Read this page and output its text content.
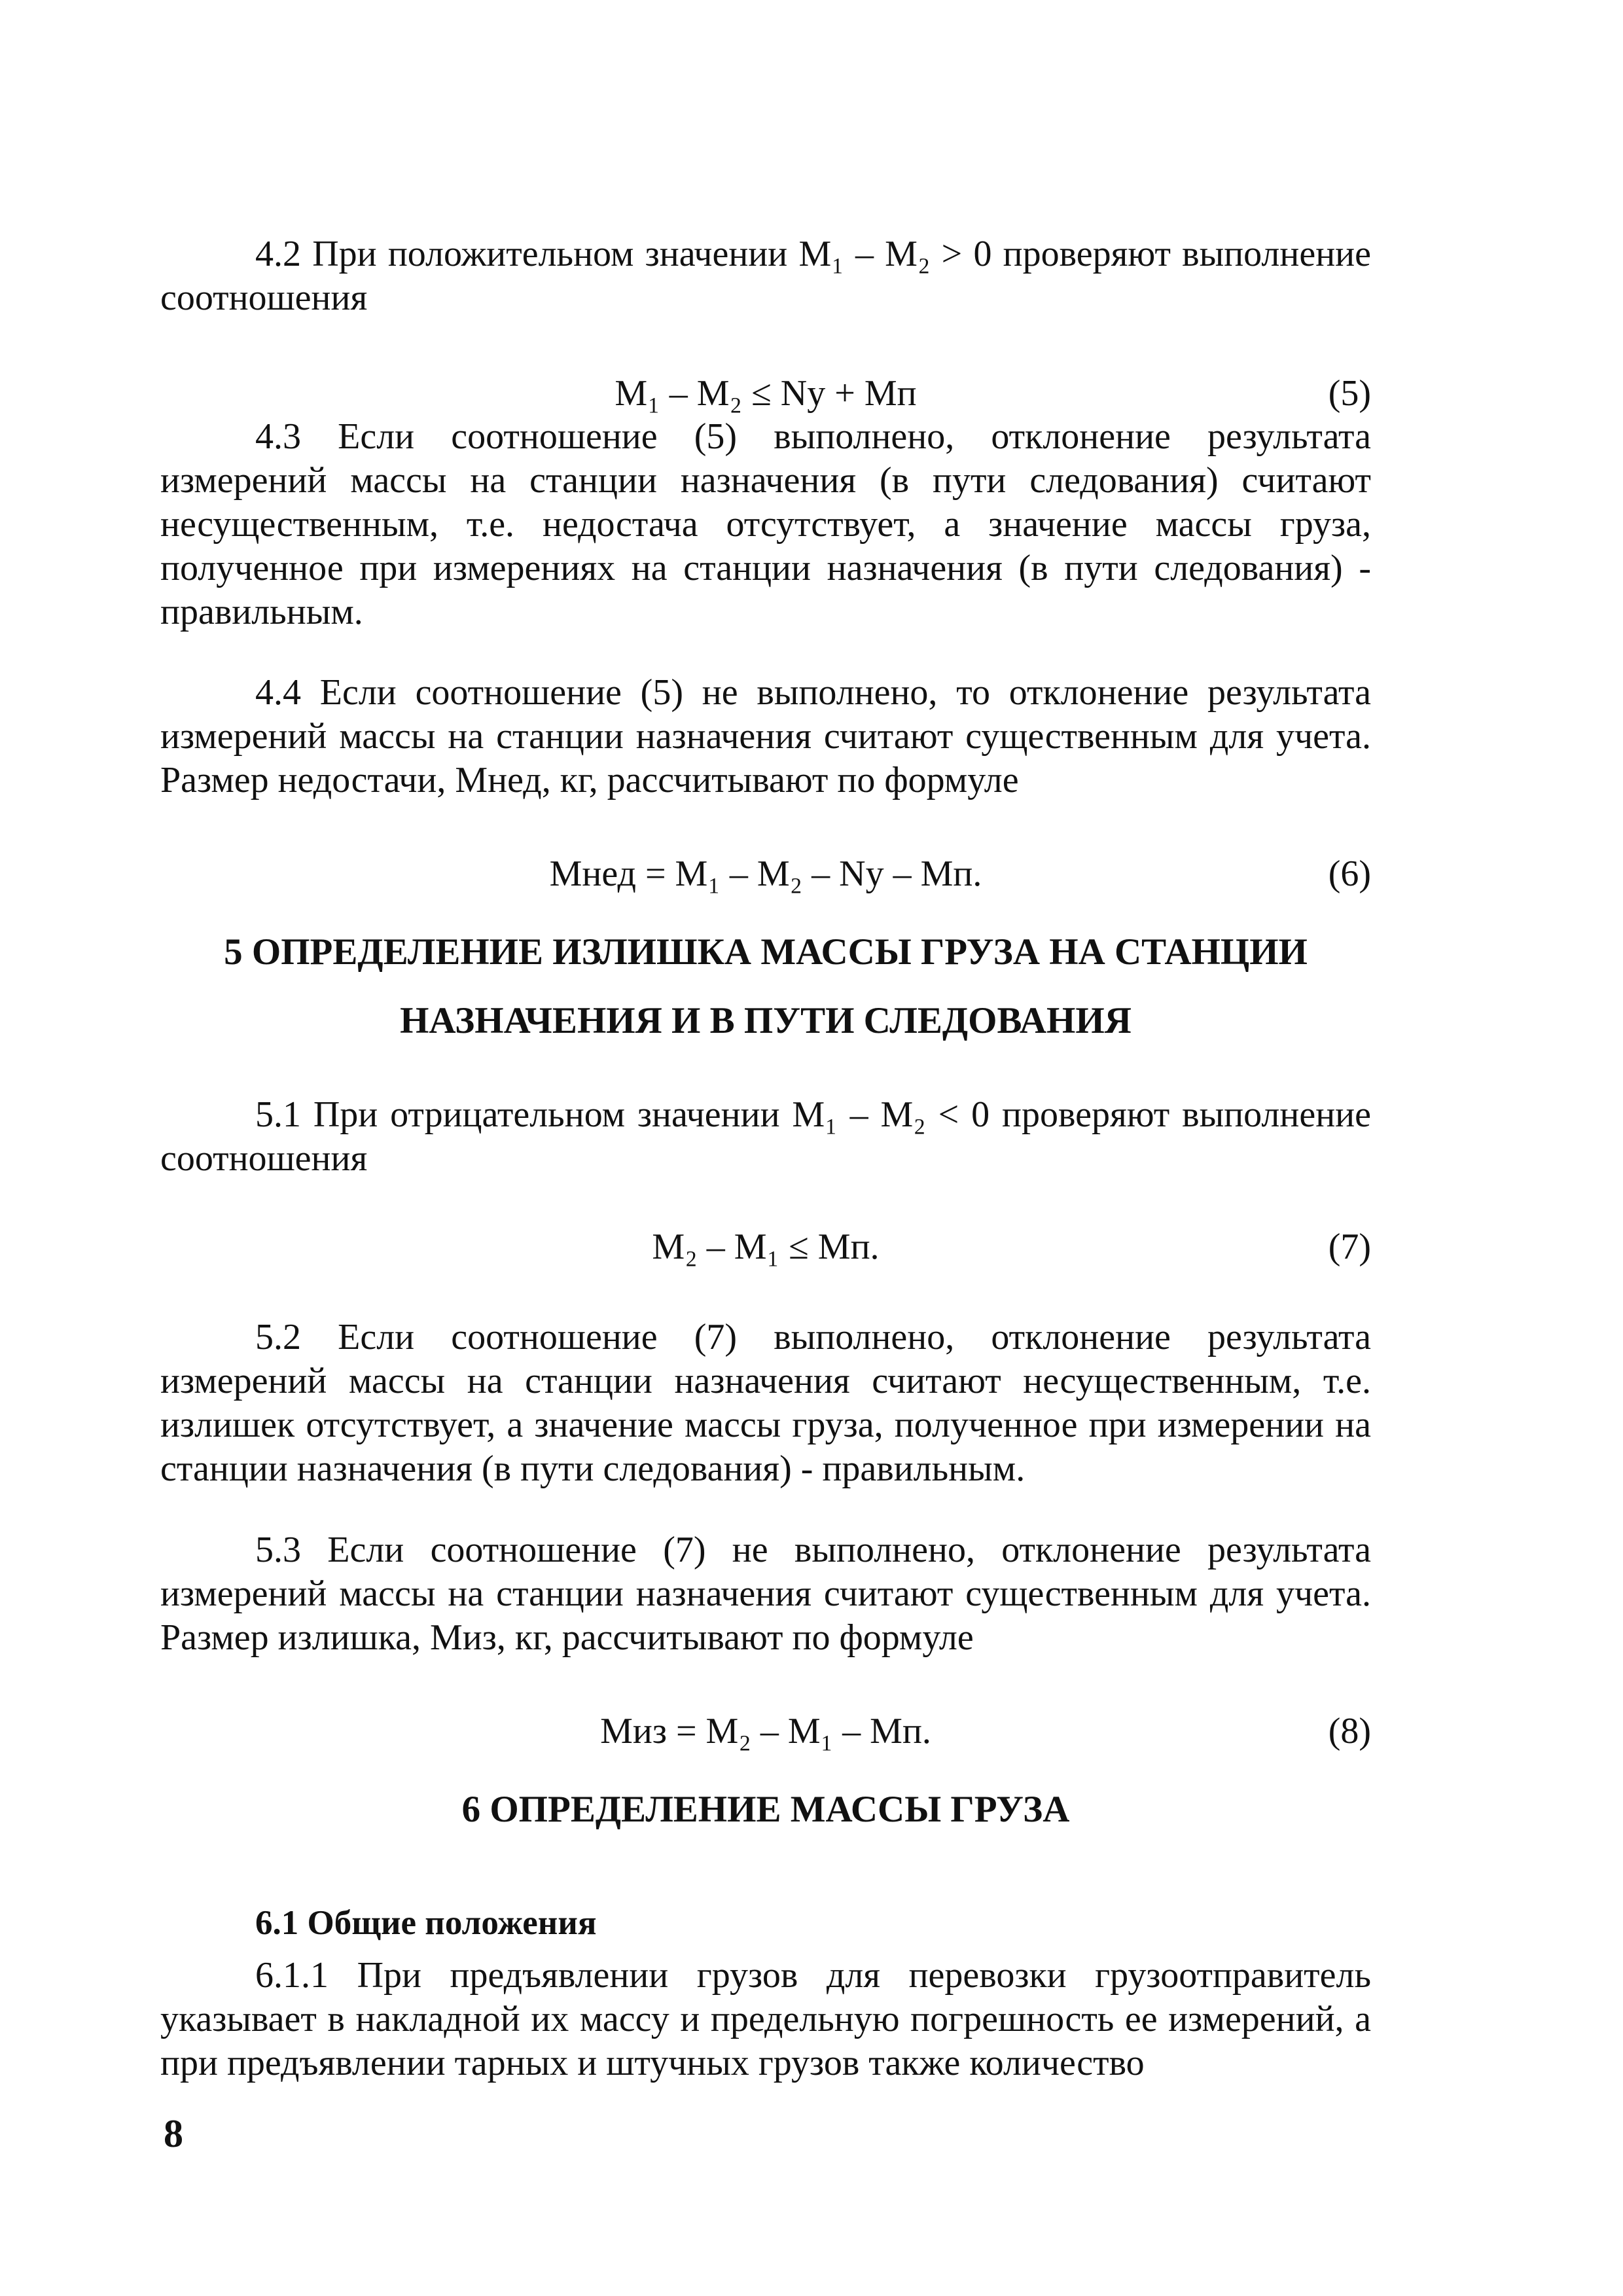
4.2 При положительном значении M₁ – M₂ > 0 проверяют выполнение соотношения
M₁ – M₂ ≤ Nу + Mп	(5)
4.3 Если соотношение (5) выполнено, отклонение результата измерений массы на станции назначения (в пути следования) считают несущественным, т.е. недостача отсутствует, а значение массы груза, полученное при измерениях на станции назначения (в пути следования) - правильным.
4.4 Если соотношение (5) не выполнено, то отклонение результата измерений массы на станции назначения считают существенным для учета. Размер недостачи, Mнед, кг, рассчитывают по формуле
Mнед = M₁ – M₂ – Nу – Mп.	(6)
5 ОПРЕДЕЛЕНИЕ ИЗЛИШКА МАССЫ ГРУЗА НА СТАНЦИИ
НАЗНАЧЕНИЯ И В ПУТИ СЛЕДОВАНИЯ
5.1 При отрицательном значении M₁ – M₂ < 0 проверяют выполнение соотношения
M₂ – M₁ ≤ Mп.	(7)
5.2 Если соотношение (7) выполнено, отклонение результата измерений массы на станции назначения считают несущественным, т.е. излишек отсутствует, а значение массы груза, полученное при измерении на станции назначения (в пути следования) - правильным.
5.3 Если соотношение (7) не выполнено, отклонение результата измерений массы на станции назначения считают существенным для учета. Размер излишка, Mиз, кг, рассчитывают по формуле
Mиз = M₂ – M₁ – Mп.	(8)
6 ОПРЕДЕЛЕНИЕ МАССЫ ГРУЗА
6.1 Общие положения
6.1.1 При предъявлении грузов для перевозки грузоотправитель указывает в накладной их массу и предельную погрешность ее измерений, а при предъявлении тарных и штучных грузов также количество
8
